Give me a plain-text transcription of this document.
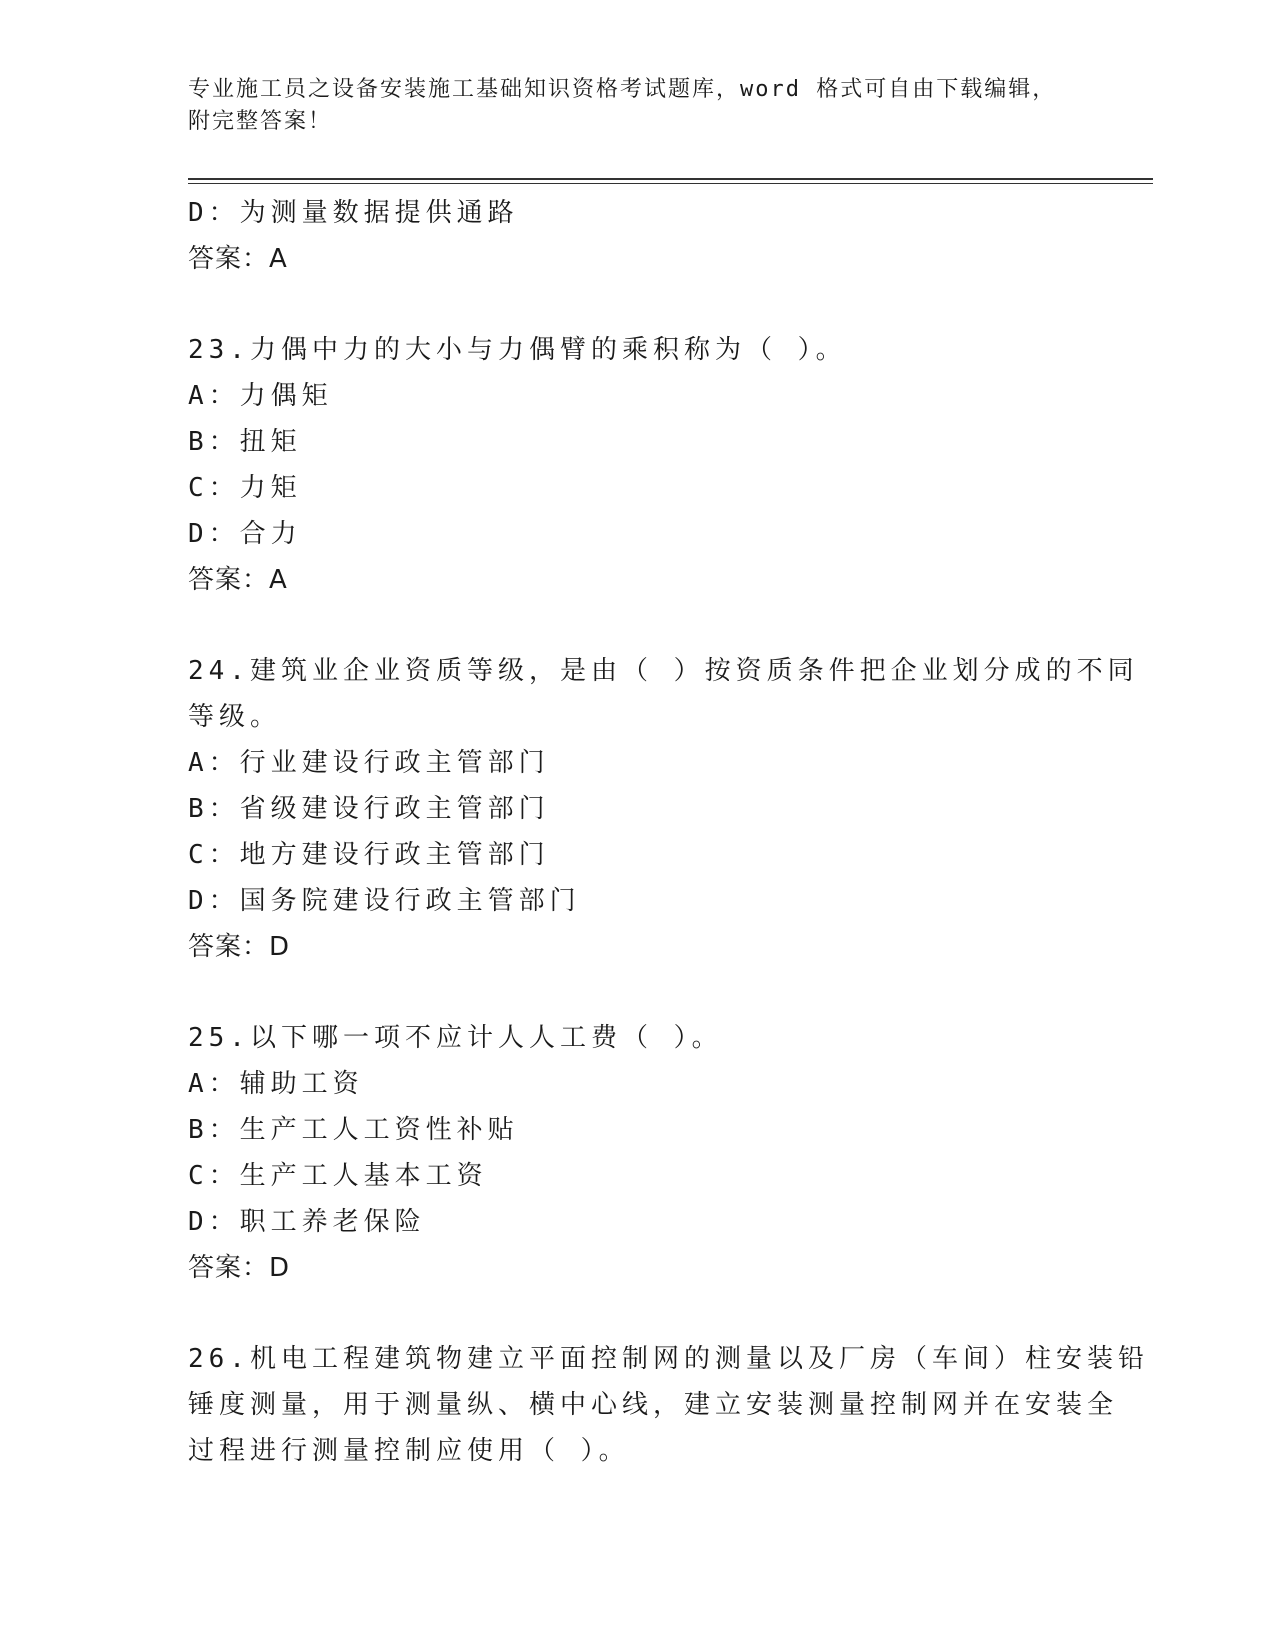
专业施工员之设备安装施工基础知识资格考试题库，word 格式可自由下载编辑，
附完整答案！
D：为测量数据提供通路
答案：A
23.力偶中力的大小与力偶臂的乘积称为（ ）。
A：力偶矩
B：扭矩
C：力矩
D：合力
答案：A
24.建筑业企业资质等级，是由（ ）按资质条件把企业划分成的不同
等级。
A：行业建设行政主管部门
B：省级建设行政主管部门
C：地方建设行政主管部门
D：国务院建设行政主管部门
答案：D
25.以下哪一项不应计人人工费（ ）。
A：辅助工资
B：生产工人工资性补贴
C：生产工人基本工资
D：职工养老保险
答案：D
26.机电工程建筑物建立平面控制网的测量以及厂房（车间）柱安装铅
锤度测量，用于测量纵、横中心线，建立安装测量控制网并在安装全
过程进行测量控制应使用（ ）。
